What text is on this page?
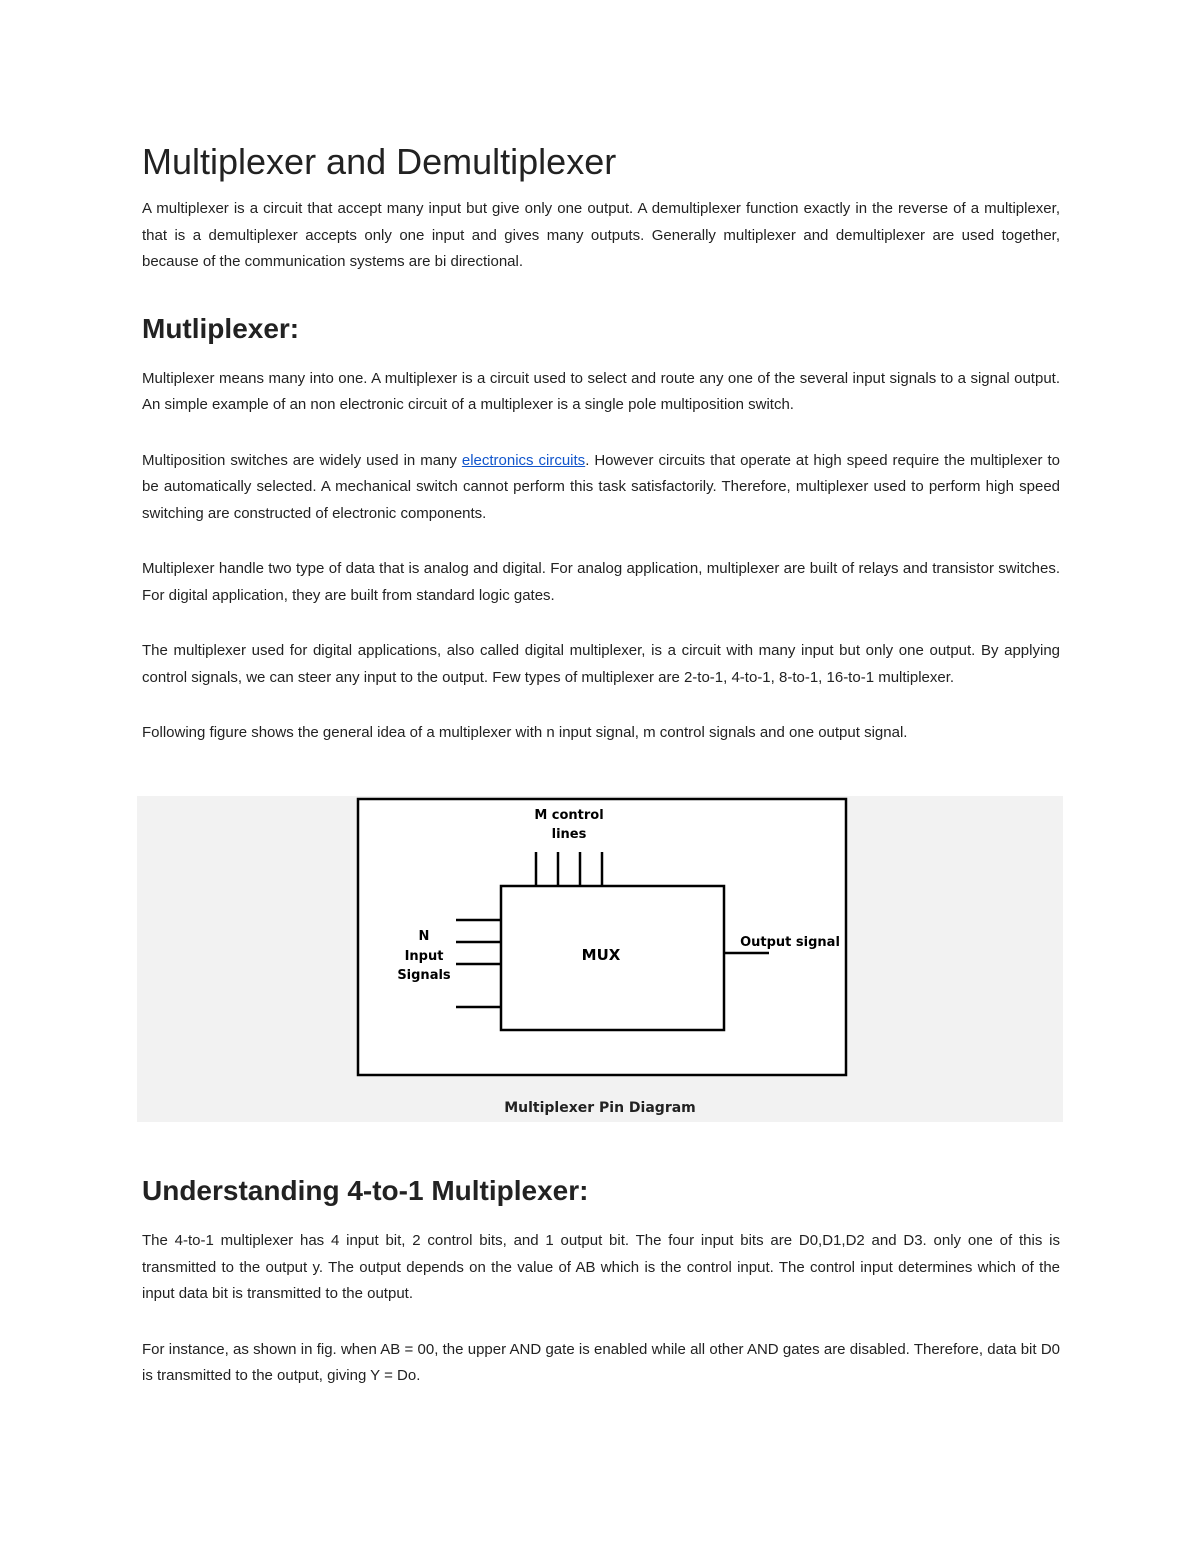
Multiplexer and Demultiplexer

A multiplexer is a circuit that accept many input but give only one output. A demultiplexer function exactly in the reverse of a multiplexer, that is a demultiplexer accepts only one input and gives many outputs. Generally multiplexer and demultiplexer are used together, because of the communication systems are bi directional.

Mutliplexer:

Multiplexer means many into one. A multiplexer is a circuit used to select and route any one of the several input signals to a signal output. An simple example of an non electronic circuit of a multiplexer is a single pole multiposition switch.

Multiposition switches are widely used in many electronics circuits. However circuits that operate at high speed require the multiplexer to be automatically selected. A mechanical switch cannot perform this task satisfactorily. Therefore, multiplexer used to perform high speed switching are constructed of electronic components.

Multiplexer handle two type of data that is analog and digital. For analog application, multiplexer are built of relays and transistor switches. For digital application, they are built from standard logic gates.

The multiplexer used for digital applications, also called digital multiplexer, is a circuit with many input but only one output. By applying control signals, we can steer any input to the output. Few types of multiplexer are 2-to-1, 4-to-1, 8-to-1, 16-to-1 multiplexer.

Following figure shows the general idea of a multiplexer with n input signal, m control signals and one output signal.

M control
lines
N
Input
Signals
MUX
Output signal
Multiplexer Pin Diagram
Understanding 4-to-1 Multiplexer:

The 4-to-1 multiplexer has 4 input bit, 2 control bits, and 1 output bit. The four input bits are D0,D1,D2 and D3. only one of this is transmitted to the output y. The output depends on the value of AB which is the control input. The control input determines which of the input data bit is transmitted to the output.

For instance, as shown in fig. when AB = 00, the upper AND gate is enabled while all other AND gates are disabled. Therefore, data bit D0 is transmitted to the output, giving Y = Do.
